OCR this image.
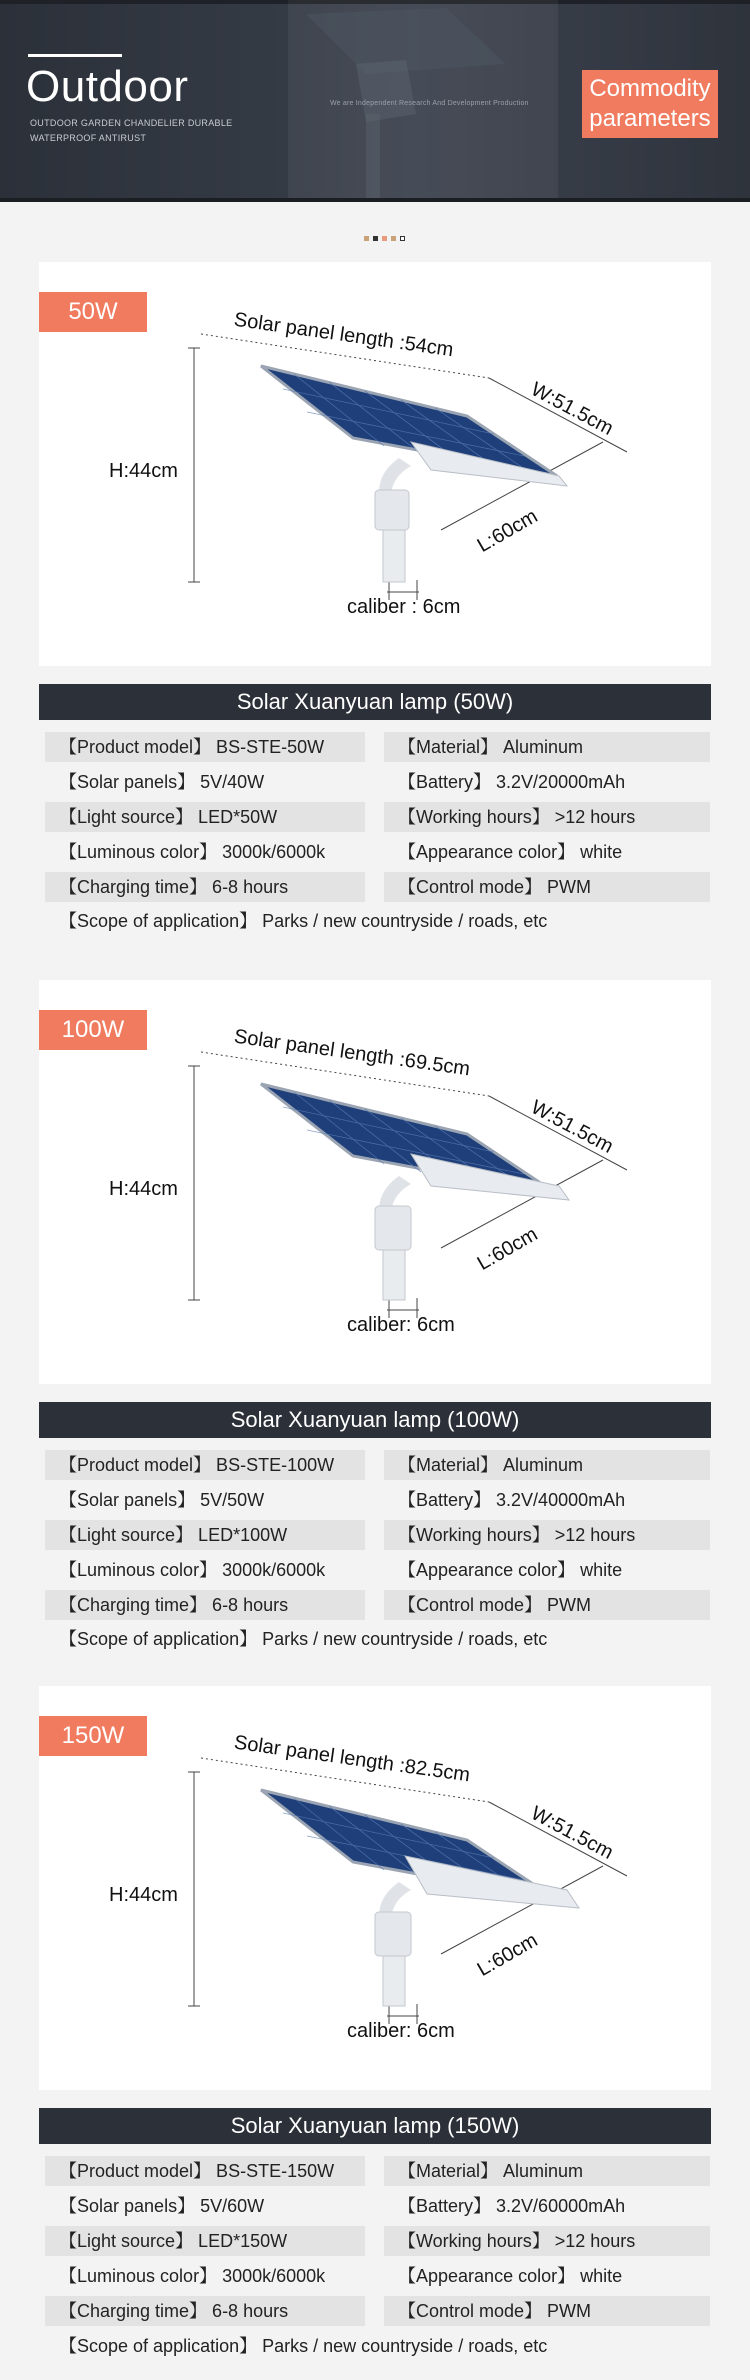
Outdoor
OUTDOOR GARDEN CHANDELIER DURABLE WATERPROOF ANTIRUST
We are Independent Research And Development Production
Commodity parameters
50W	Solar panel length :54cm
W:51.5cm
H:44cm
L:60cm
caliber : 6cm
Solar Xuanyuan lamp (50W)
【Product model】 BS-STE-50W	【Material】 Aluminum
【Solar panels】 5V/40W	【Battery】 3.2V/20000mAh
【Light source】 LED*50W	【Working hours】 >12 hours
【Luminous color】 3000k/6000k	【Appearance color】 white
【Charging time】 6-8 hours	【Control mode】 PWM
【Scope of application】 Parks / new countryside / roads, etc
100W	Solar panel length :69.5cm
W:51.5cm
H:44cm
L:60cm
caliber: 6cm
Solar Xuanyuan lamp (100W)
【Product model】 BS-STE-100W	【Material】 Aluminum
【Solar panels】 5V/50W	【Battery】 3.2V/40000mAh
【Light source】 LED*100W	【Working hours】 >12 hours
【Luminous color】 3000k/6000k	【Appearance color】 white
【Charging time】 6-8 hours	【Control mode】 PWM
【Scope of application】 Parks / new countryside / roads, etc
150W	Solar panel length :82.5cm
W:51.5cm
H:44cm
L:60cm
caliber: 6cm
Solar Xuanyuan lamp (150W)
【Product model】 BS-STE-150W	【Material】 Aluminum
【Solar panels】 5V/60W	【Battery】 3.2V/60000mAh
【Light source】 LED*150W	【Working hours】 >12 hours
【Luminous color】 3000k/6000k	【Appearance color】 white
【Charging time】 6-8 hours	【Control mode】 PWM
【Scope of application】 Parks / new countryside / roads, etc
